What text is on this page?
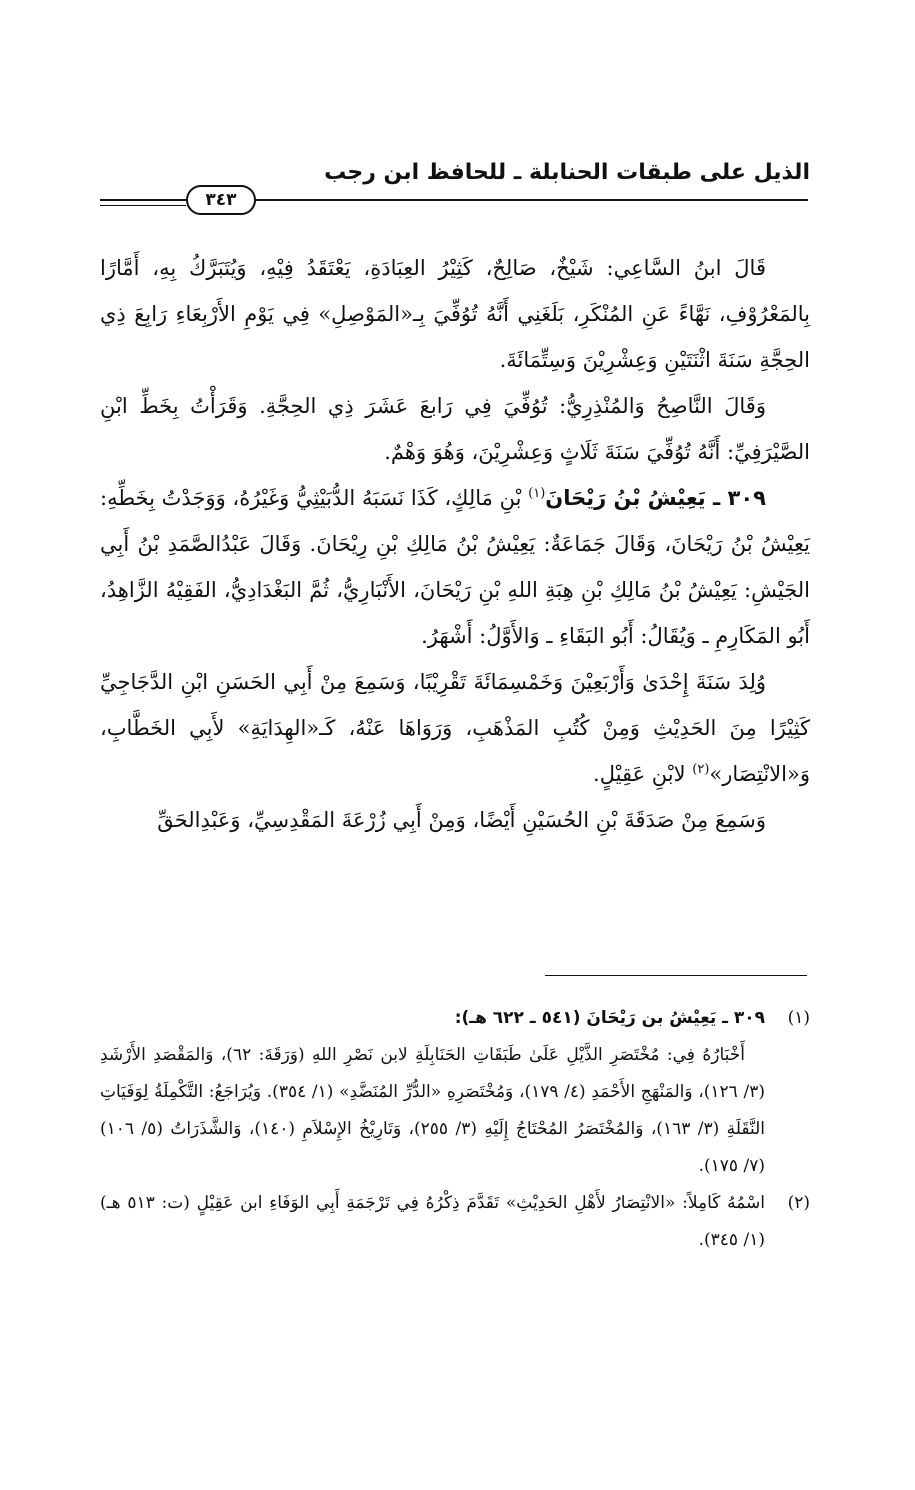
الذيل على طبقات الحنابلة ـ للحافظ ابن رجب
٣٤٣

قَالَ ابنُ السَّاعِي: شَيْخٌ، صَالِحٌ، كَثِيْرُ العِبَادَةِ، يَعْتَقَدُ فِيْهِ، وَيُتَبَرَّكُ بِهِ، أَمَّارًا بِالمَعْرُوْفِ، نَهَّاءً عَنِ المُنْكَرِ، بَلَغَنِي أَنَّهُ تُوُفِّيَ بِـ«المَوْصِلِ» فِي يَوْمِ الأَرْبِعَاءِ رَابِعَ ذِي الحِجَّةِ سَنَةَ اثْنَتَيْنِ وَعِشْرِيْنَ وَسِتِّمَائَةَ.

وَقَالَ النَّاصِحُ وَالمُنْذِرِيُّ: تُوُفِّيَ فِي رَابعَ عَشَرَ ذِي الحِجَّةِ. وَقَرَأْتُ بِخَطِّ ابْنِ الصَّيْرَفِيِّ: أَنَّهُ تُوُفِّيَ سَنَةَ ثَلَاثٍ وَعِشْرِيْنَ، وَهُوَ وَهْمٌ.

٣٠٩ ـ يَعِيْشُ بْنُ رَيْحَانَ$^{(١)}$ بْنِ مَالِكٍ، كَذَا نَسَبَهُ الدُّبَيْثِيُّ وَغَيْرُهُ، وَوَجَدْتُ بِخَطِّهِ: يَعِيْشُ بْنُ رَيْحَانَ، وَقَالَ جَمَاعَةٌ: يَعِيْشُ بْنُ مَالِكِ بْنِ رِيْحَانَ. وَقَالَ عَبْدُالصَّمَدِ بْنُ أَبِي الجَيْشِ: يَعِيْشُ بْنُ مَالِكِ بْنِ هِبَةِ اللهِ بْنِ رَيْحَانَ، الأَنْبَارِيُّ، ثُمَّ البَغْدَادِيُّ، الفَقِيْهُ الزَّاهِدُ، أَبُو المَكَارِمِ ـ وَيُقَالُ: أَبُو البَقَاءِ ـ وَالأَوَّلُ: أَشْهَرُ.

وُلِدَ سَنَةَ إِحْدَىٰ وَأَرْبَعِيْنَ وَخَمْسِمَائَةَ تَقْرِيْبًا، وَسَمِعَ مِنْ أَبِي الحَسَنِ ابْنِ الدَّجَاجِيِّ كَثِيْرًا مِنَ الحَدِيْثِ وَمِنْ كُتُبِ المَذْهَبِ، وَرَوَاهَا عَنْهُ، كَـ«الهِدَايَةِ» لأَبِي الخَطَّابِ، وَ«الانْتِصَار»$^{(٢)}$ لابْنِ عَقِيْلٍ.

وَسَمِعَ مِنْ صَدَقَةَ بْنِ الحُسَيْنِ أَيْضًا، وَمِنْ أَبِي زُرْعَةَ المَقْدِسِيِّ، وَعَبْدِالحَقِّ

(١)

٣٠٩ ـ يَعِيْشُ بن رَيْحَانَ (٥٤١ ـ ٦٢٢ هـ):

أَخْبَارُهُ فِي: مُخْتَصَرِ الذَّيْلِ عَلَىٰ طَبَقَاتِ الحَنَابِلَةِ لابن نَصْرِ اللهِ (وَرَقَةَ: ٦٢)، وَالمَقْصَدِ الأَرْشَدِ (٣/ ١٢٦)، وَالمَنْهَجِ الأَحْمَدِ (٤/ ١٧٩)، وَمُخْتَصَرِهِ «الدُّرِّ المُنَضَّدِ» (١/ ٣٥٤). وَيُرَاجَعُ: التَّكْمِلَةُ لِوَفَيَاتِ النَّقَلَةِ (٣/ ١٦٣)، وَالمُخْتَصَرُ المُحْتَاجُ إِلَيْهِ (٣/ ٢٥٥)، وَتَارِيْخُ الإِسْلاَمِ (١٤٠)، وَالشَّذَرَاتُ (٥/ ١٠٦) (٧/ ١٧٥).

(٢)

اسْمُهُ كَامِلاً: «الانْتِصَارُ لأَهْلِ الحَدِيْثِ» تَقَدَّمَ ذِكْرُهُ فِي تَرْجَمَةِ أَبِي الوَفَاءِ ابن عَقِيْلٍ (ت: ٥١٣ هـ) (١/ ٣٤٥).
